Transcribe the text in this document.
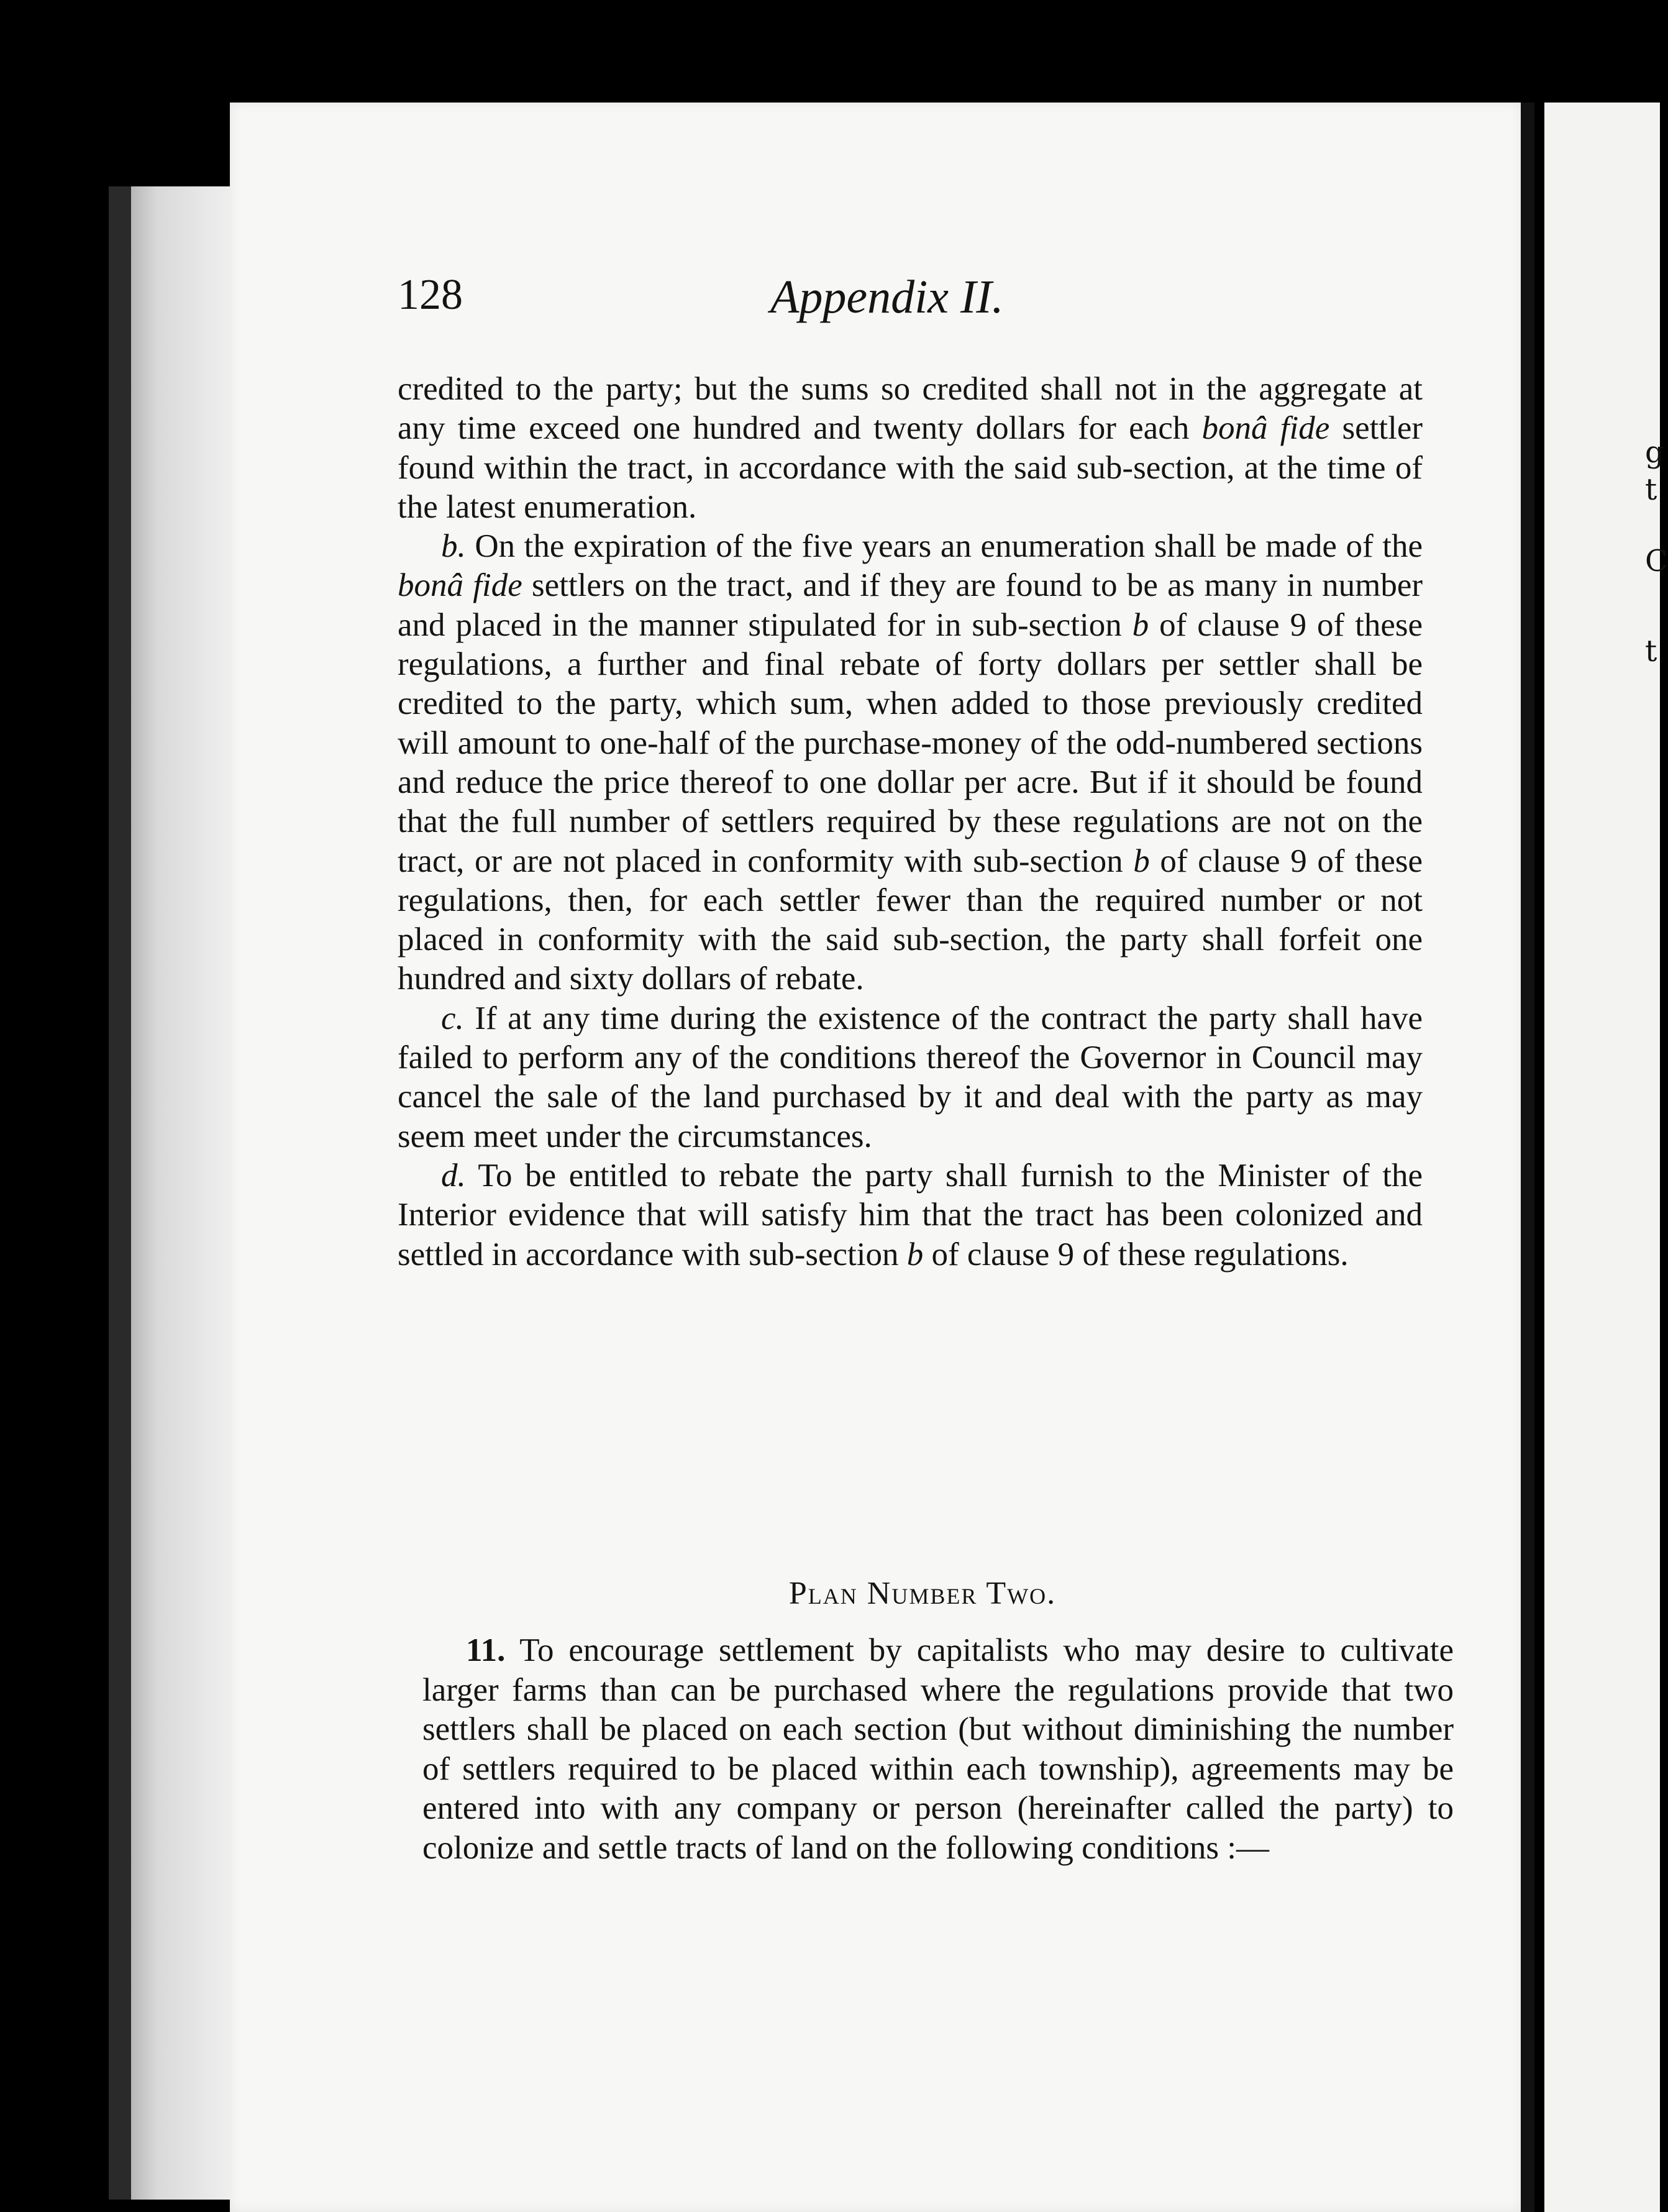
g
t
C
t
128	Appendix II.

credited to the party; but the sums so credited shall not in the aggregate at any time exceed one hundred and twenty dollars for each bonâ fide settler found within the tract, in accordance with the said sub-section, at the time of the latest enumeration.

b. On the expiration of the five years an enumeration shall be made of the bonâ fide settlers on the tract, and if they are found to be as many in number and placed in the manner stipulated for in sub-section b of clause 9 of these regulations, a further and final rebate of forty dollars per settler shall be credited to the party, which sum, when added to those previously credited will amount to one-half of the purchase-money of the odd-numbered sections and reduce the price thereof to one dollar per acre. But if it should be found that the full number of settlers required by these regulations are not on the tract, or are not placed in conformity with sub-section b of clause 9 of these regulations, then, for each settler fewer than the required number or not placed in conformity with the said sub-section, the party shall forfeit one hundred and sixty dollars of rebate.

c. If at any time during the existence of the contract the party shall have failed to perform any of the conditions thereof the Governor in Council may cancel the sale of the land purchased by it and deal with the party as may seem meet under the circumstances.

d. To be entitled to rebate the party shall furnish to the Minister of the Interior evidence that will satisfy him that the tract has been colonized and settled in accordance with sub-section b of clause 9 of these regulations.

Plan Number Two.

11. To encourage settlement by capitalists who may desire to cultivate larger farms than can be purchased where the regulations provide that two settlers shall be placed on each section (but without diminishing the number of settlers required to be placed within each township), agreements may be entered into with any company or person (hereinafter called the party) to colonize and settle tracts of land on the following conditions :—
